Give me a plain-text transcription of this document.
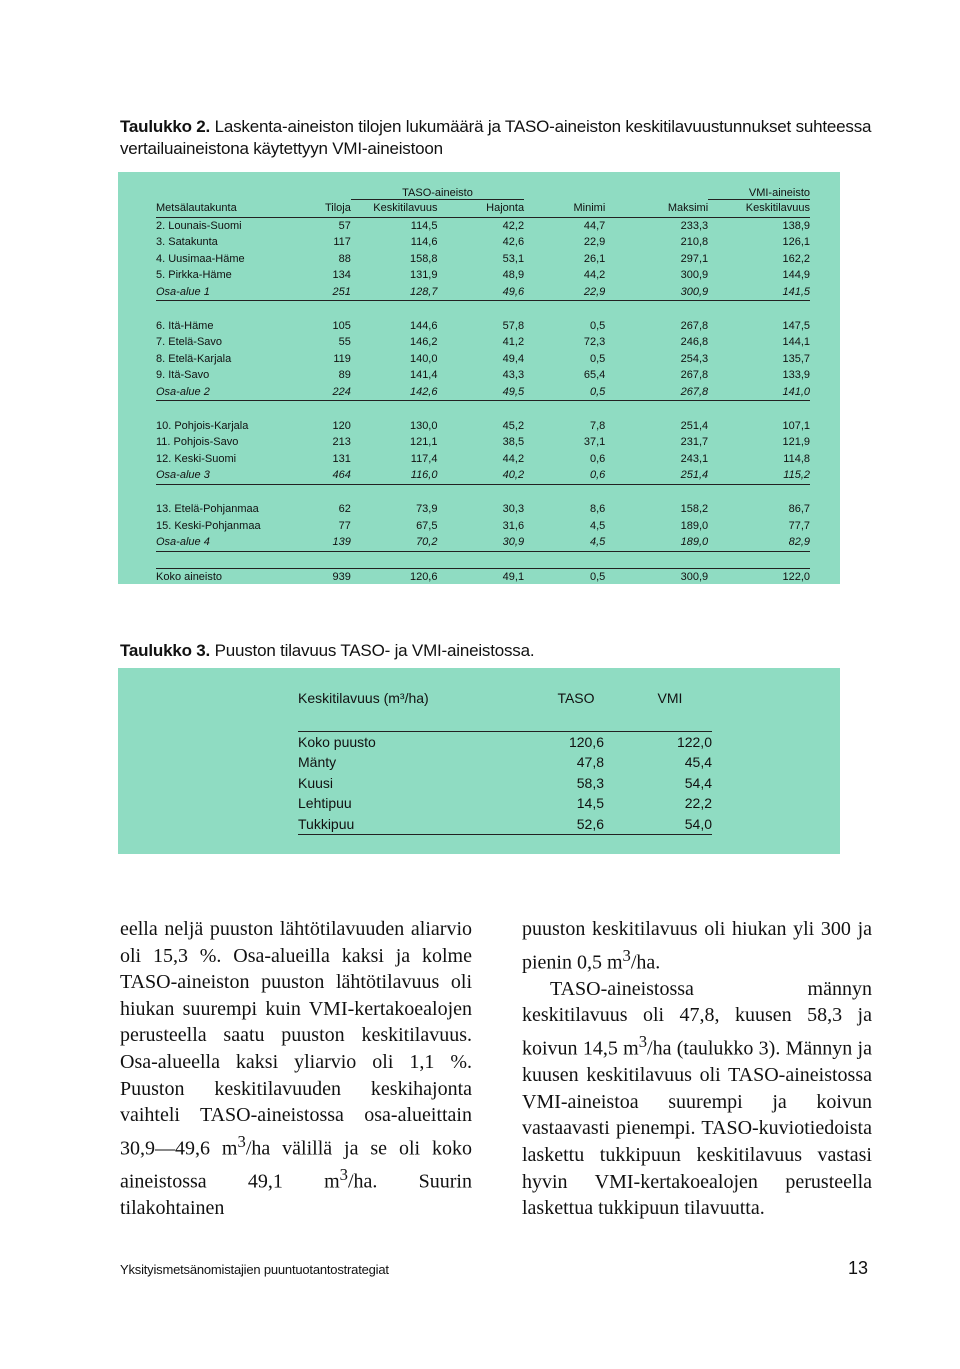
Taulukko 2. Laskenta-aineiston tilojen lukumäärä ja TASO-aineiston keskitilavuustunnukset suhteessa vertailuaineistona käytettyyn VMI-aineistoon
		TASO-aineisto				VMI-aineisto
Metsälautakunta	Tiloja	Keskitilavuus	Hajonta	Minimi	Maksimi	Keskitilavuus
2. Lounais-Suomi	57	114,5	42,2	44,7	233,3	138,9
3. Satakunta	117	114,6	42,6	22,9	210,8	126,1
4. Uusimaa-Häme	88	158,8	53,1	26,1	297,1	162,2
5. Pirkka-Häme	134	131,9	48,9	44,2	300,9	144,9
Osa-alue 1	251	128,7	49,6	22,9	300,9	141,5

6. Itä-Häme	105	144,6	57,8	0,5	267,8	147,5
7. Etelä-Savo	55	146,2	41,2	72,3	246,8	144,1
8. Etelä-Karjala	119	140,0	49,4	0,5	254,3	135,7
9. Itä-Savo	89	141,4	43,3	65,4	267,8	133,9
Osa-alue 2	224	142,6	49,5	0,5	267,8	141,0

10. Pohjois-Karjala	120	130,0	45,2	7,8	251,4	107,1
11. Pohjois-Savo	213	121,1	38,5	37,1	231,7	121,9
12. Keski-Suomi	131	117,4	44,2	0,6	243,1	114,8
Osa-alue 3	464	116,0	40,2	0,6	251,4	115,2

13. Etelä-Pohjanmaa	62	73,9	30,3	8,6	158,2	86,7
15. Keski-Pohjanmaa	77	67,5	31,6	4,5	189,0	77,7
Osa-alue 4	139	70,2	30,9	4,5	189,0	82,9

Koko aineisto	939	120,6	49,1	0,5	300,9	122,0
Taulukko 3. Puuston tilavuus TASO- ja VMI-aineistossa.
Keskitilavuus (m³/ha)	TASO	VMI

Koko puusto	120,6	122,0
Mänty	47,8	45,4
Kuusi	58,3	54,4
Lehtipuu	14,5	22,2
Tukkipuu	52,6	54,0

eella neljä puuston lähtötilavuuden aliarvio oli 15,3 %. Osa-alueilla kaksi ja kolme TASO-aineiston puuston lähtötilavuus oli hiukan suurempi kuin VMI-kertakoealojen perusteella saatu puuston keskitilavuus. Osa-alueella kaksi yliarvio oli 1,1 %. Puuston keskitilavuuden keskihajonta vaihteli TASO-aineistossa osa-alueittain 30,9—49,6 $m^3/ha$ välillä ja se oli koko aineistossa 49,1 $m^3/ha$. Suurin tilakohtainen

puuston keskitilavuus oli hiukan yli 300 ja pienin 0,5 $m^3/ha$.

TASO-aineistossa männyn keskitilavuus oli 47,8, kuusen 58,3 ja koivun 14,5 $m^3/ha$ (taulukko 3). Männyn ja kuusen keskitilavuus oli TASO-aineistossa VMI-aineistoa suurempi ja koivun vastaavasti pienempi. TASO-kuviotiedoista laskettu tukkipuun keskitilavuus vastasi hyvin VMI-kertakoealojen perusteella laskettua tukkipuun tilavuutta.

Yksityismetsänomistajien puuntuotantostrategiat	13
